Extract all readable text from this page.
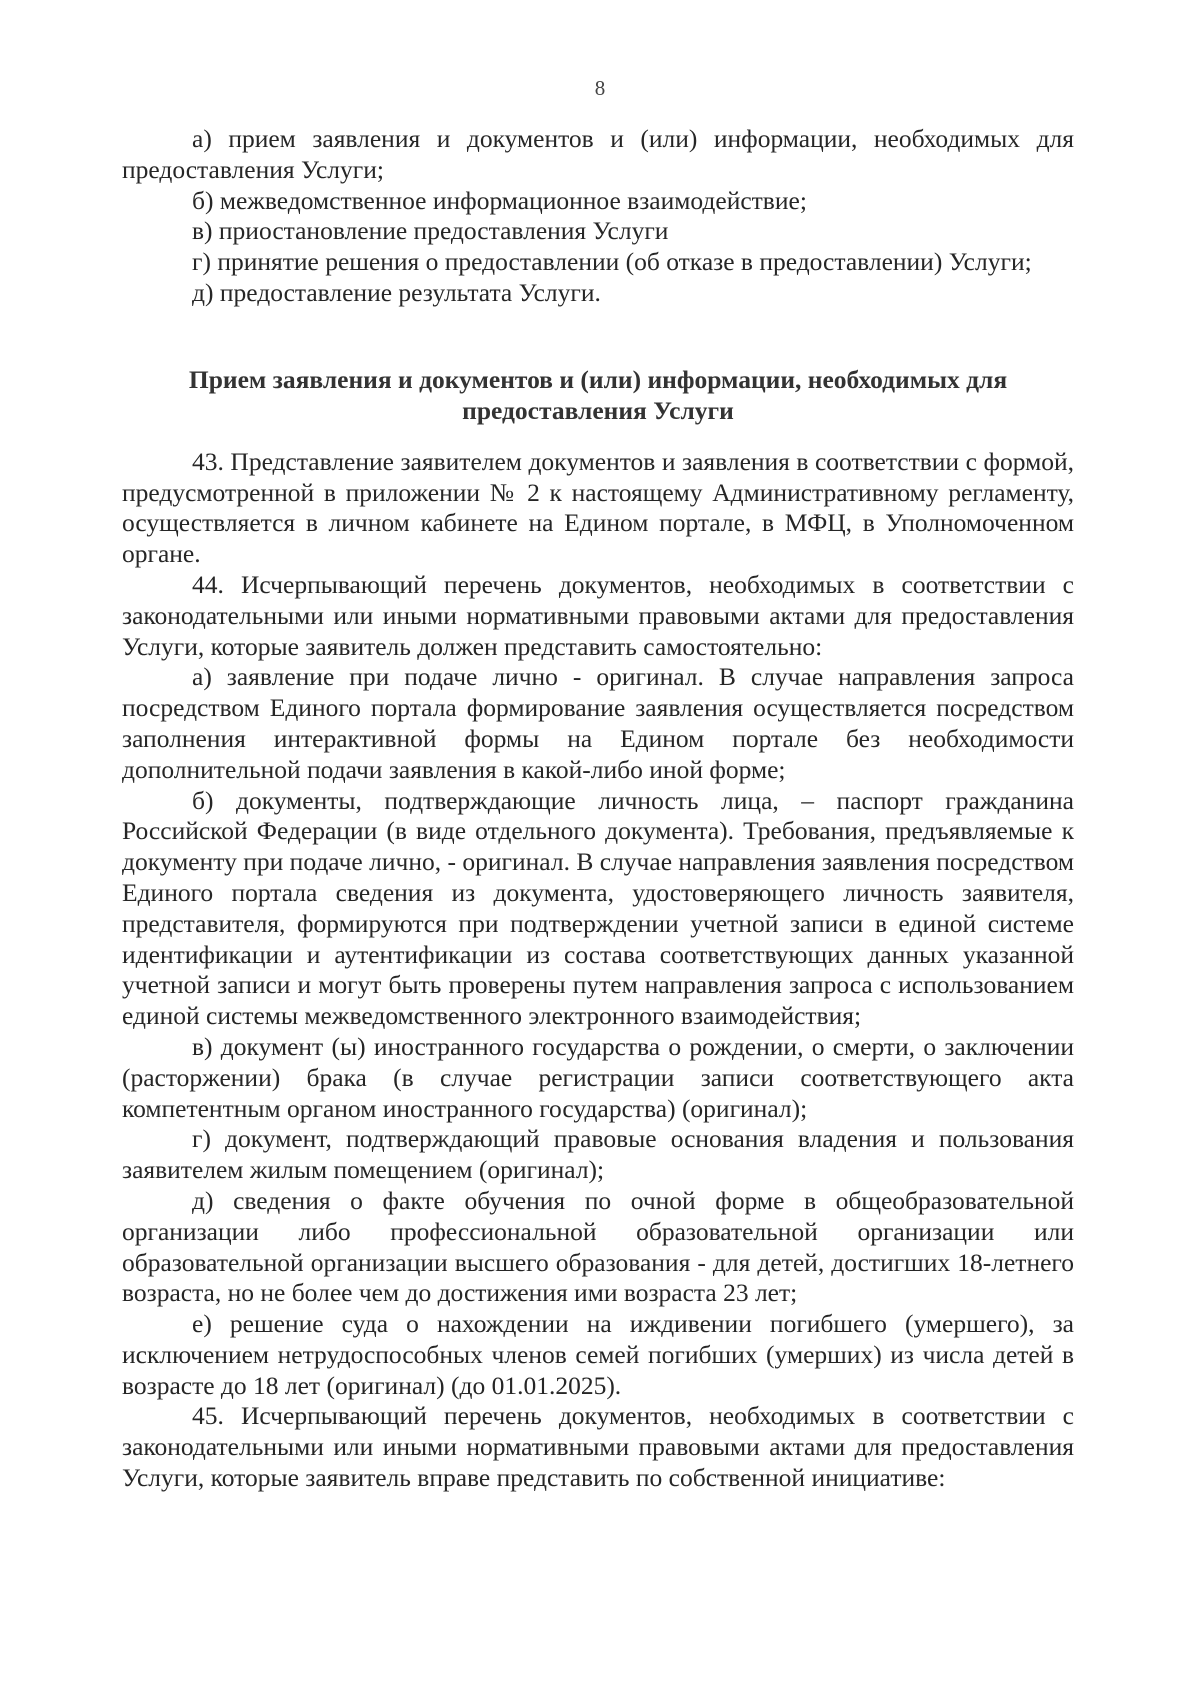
8

а) прием заявления и документов и (или) информации, необходимых для предоставления Услуги;

б) межведомственное информационное взаимодействие;

в) приостановление предоставления Услуги

г) принятие решения о предоставлении (об отказе в предоставлении) Услуги;

д) предоставление результата Услуги.

Прием заявления и документов и (или) информации, необходимых для предоставления Услуги

43. Представление заявителем документов и заявления в соответствии с формой, предусмотренной в приложении № 2 к настоящему Административному регламенту, осуществляется в личном кабинете на Едином портале, в МФЦ, в Уполномоченном органе.

44. Исчерпывающий перечень документов, необходимых в соответствии с законодательными или иными нормативными правовыми актами для предоставления Услуги, которые заявитель должен представить самостоятельно:

а) заявление при подаче лично - оригинал. В случае направления запроса посредством Единого портала формирование заявления осуществляется посредством заполнения интерактивной формы на Едином портале без необходимости дополнительной подачи заявления в какой-либо иной форме;

б) документы, подтверждающие личность лица, – паспорт гражданина Российской Федерации (в виде отдельного документа). Требования, предъявляемые к документу при подаче лично, - оригинал. В случае направления заявления посредством Единого портала сведения из документа, удостоверяющего личность заявителя, представителя, формируются при подтверждении учетной записи в единой системе идентификации и аутентификации из состава соответствующих данных указанной учетной записи и могут быть проверены путем направления запроса с использованием единой системы межведомственного электронного взаимодействия;

в) документ (ы) иностранного государства о рождении, о смерти, о заключении (расторжении) брака (в случае регистрации записи соответствующего акта компетентным органом иностранного государства) (оригинал);

г) документ, подтверждающий правовые основания владения и пользования заявителем жилым помещением (оригинал);

д) сведения о факте обучения по очной форме в общеобразовательной организации либо профессиональной образовательной организации или образовательной организации высшего образования - для детей, достигших 18-летнего возраста, но не более чем до достижения ими возраста 23 лет;

е) решение суда о нахождении на иждивении погибшего (умершего), за исключением нетрудоспособных членов семей погибших (умерших) из числа детей в возрасте до 18 лет (оригинал) (до 01.01.2025).

45. Исчерпывающий перечень документов, необходимых в соответствии с законодательными или иными нормативными правовыми актами для предоставления Услуги, которые заявитель вправе представить по собственной инициативе:
